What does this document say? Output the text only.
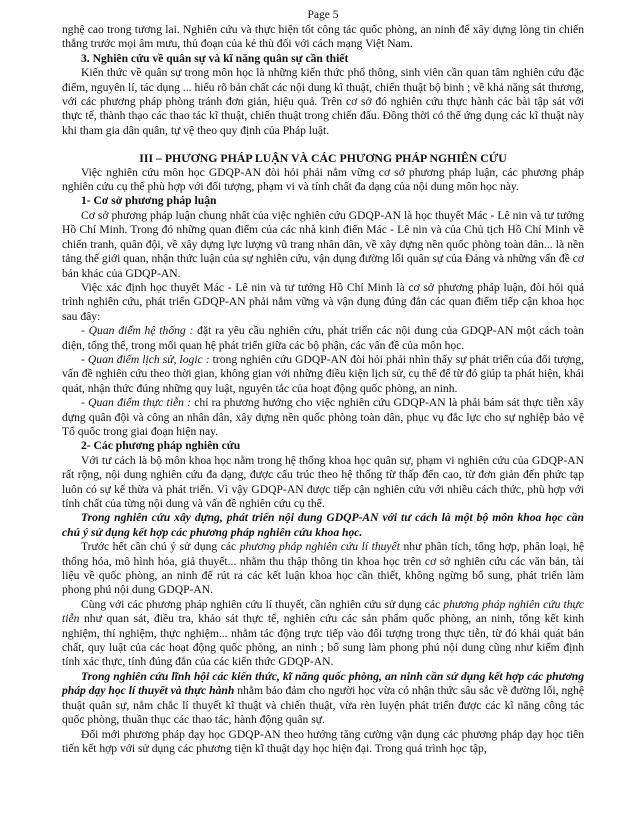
Page 5

nghệ cao trong tương lai. Nghiên cứu và thực hiện tốt công tác quốc phòng, an ninh để xây dựng lòng tin chiến thắng trước mọi âm mưu, thủ đoạn của kẻ thù đối với cách mạng Việt Nam.

3. Nghiên cứu về quân sự và kĩ năng quân sự cần thiết

Kiến thức về quân sự trong môn học là những kiến thức phổ thông, sinh viên cần quan tâm nghiên cứu đặc điểm, nguyên lí, tác dụng ... hiểu rõ bản chất các nội dung kĩ thuật, chiến thuật bộ binh ; về khả năng sát thương, với các phương pháp phòng tránh đơn giản, hiệu quả. Trên cơ sở đó nghiên cứu thực hành các bài tập sát với thực tế, thành thạo các thao tác kĩ thuật, chiến thuật trong chiến đấu. Đồng thời có thể ứng dụng các kĩ thuật này khi tham gia dân quân, tự vệ theo quy định của Pháp luật.

III – PHƯƠNG PHÁP LUẬN VÀ CÁC PHƯƠNG PHÁP NGHIÊN CỨU

Việc nghiên cứu môn học GDQP-AN đòi hỏi phải nắm vững cơ sở phương pháp luận, các phương pháp nghiên cứu cụ thể phù hợp với đối tượng, phạm vi và tính chất đa dạng của nội dung môn học này.

1- Cơ sở phương pháp luận

Cơ sở phương pháp luận chung nhất của việc nghiên cứu GDQP-AN là học thuyết Mác - Lê nin và tư tưởng Hồ Chí Minh. Trong đó những quan điểm của các nhà kinh điển Mác - Lê nin và của Chủ tịch Hồ Chí Minh về chiến tranh, quân đội, về xây dựng lực lượng vũ trang nhân dân, về xây dựng nền quốc phòng toàn dân... là nền tảng thế giới quan, nhận thức luận của sự nghiên cứu, vận dụng đường lối quân sự của Đảng và những vấn đề cơ bản khác của GDQP-AN.

Việc xác định học thuyết Mác - Lê nin và tư tưởng Hồ Chí Minh là cơ sở phương pháp luận, đòi hỏi quá trình nghiên cứu, phát triển GDQP-AN phải nắm vững và vận dụng đúng đắn các quan điểm tiếp cận khoa học sau đây:

- Quan điểm hệ thống : đặt ra yêu cầu nghiên cứu, phát triển các nội dung của GDQP-AN một cách toàn diện, tổng thể, trong mối quan hệ phát triển giữa các bộ phận, các vấn đề của môn học.

- Quan điểm lịch sử, logic : trong nghiên cứu GDQP-AN đòi hỏi phải nhìn thấy sự phát triển của đối tượng, vấn đề nghiên cứu theo thời gian, không gian với những điều kiện lịch sử, cụ thể để từ đó giúp ta phát hiện, khái quát, nhận thức đúng những quy luật, nguyên tắc của hoạt động quốc phòng, an ninh.

- Quan điểm thực tiễn : chỉ ra phương hướng cho việc nghiên cứu GDQP-AN là phải bám sát thực tiễn xây dựng quân đội và công an nhân dân, xây dựng nền quốc phòng toàn dân, phục vụ đắc lực cho sự nghiệp bảo vệ Tổ quốc trong giai đoạn hiện nay.

2- Các phương pháp nghiên cứu

Với tư cách là bộ môn khoa học nằm trong hệ thống khoa học quân sự, phạm vi nghiên cứu của GDQP-AN rất rộng, nội dung nghiên cứu đa dạng, được cấu trúc theo hệ thống từ thấp đến cao, từ đơn giản đến phức tạp luôn có sự kế thừa và phát triển. Vì vậy GDQP-AN được tiếp cận nghiên cứu với nhiều cách thức, phù hợp với tính chất của từng nội dung và vấn đề nghiên cứu cụ thể.

Trong nghiên cứu xây dựng, phát triển nội dung GDQP-AN với tư cách là một bộ môn khoa học cần chú ý sử dụng kết hợp các phương pháp nghiên cứu khoa học.

Trước hết cần chú ý sử dụng các phương pháp nghiên cứu lí thuyết như phân tích, tổng hợp, phân loại, hệ thống hóa, mô hình hóa, giả thuyết... nhằm thu thập thông tin khoa học trên cơ sở nghiên cứu các văn bản, tài liệu về quốc phòng, an ninh để rút ra các kết luận khoa học cần thiết, không ngừng bổ sung, phát triển làm phong phú nội dung GDQP-AN.

Cùng với các phương pháp nghiên cứu lí thuyết, cần nghiên cứu sử dụng các phương pháp nghiên cứu thực tiễn như quan sát, điều tra, khảo sát thực tế, nghiên cứu các sản phẩm quốc phòng, an ninh, tổng kết kinh nghiệm, thí nghiệm, thực nghiệm... nhằm tác động trực tiếp vào đối tượng trong thực tiễn, từ đó khái quát bản chất, quy luật của các hoạt động quốc phòng, an ninh ; bổ sung làm phong phú nội dung cũng như kiểm định tính xác thực, tính đúng đắn của các kiến thức GDQP-AN.

Trong nghiên cứu lĩnh hội các kiến thức, kĩ năng quốc phòng, an ninh cần sử dụng kết hợp các phương pháp dạy học lí thuyết và thực hành nhằm bảo đảm cho người học vừa có nhận thức sâu sắc về đường lối, nghệ thuật quân sự, nắm chắc lí thuyết kĩ thuật và chiến thuật, vừa rèn luyện phát triển được các kĩ năng công tác quốc phòng, thuần thục các thao tác, hành động quân sự.

Đổi mới phương pháp dạy học GDQP-AN theo hướng tăng cường vận dụng các phương pháp dạy học tiên tiến kết hợp với sử dụng các phương tiện kĩ thuật dạy học hiện đại. Trong quá trình học tập,
